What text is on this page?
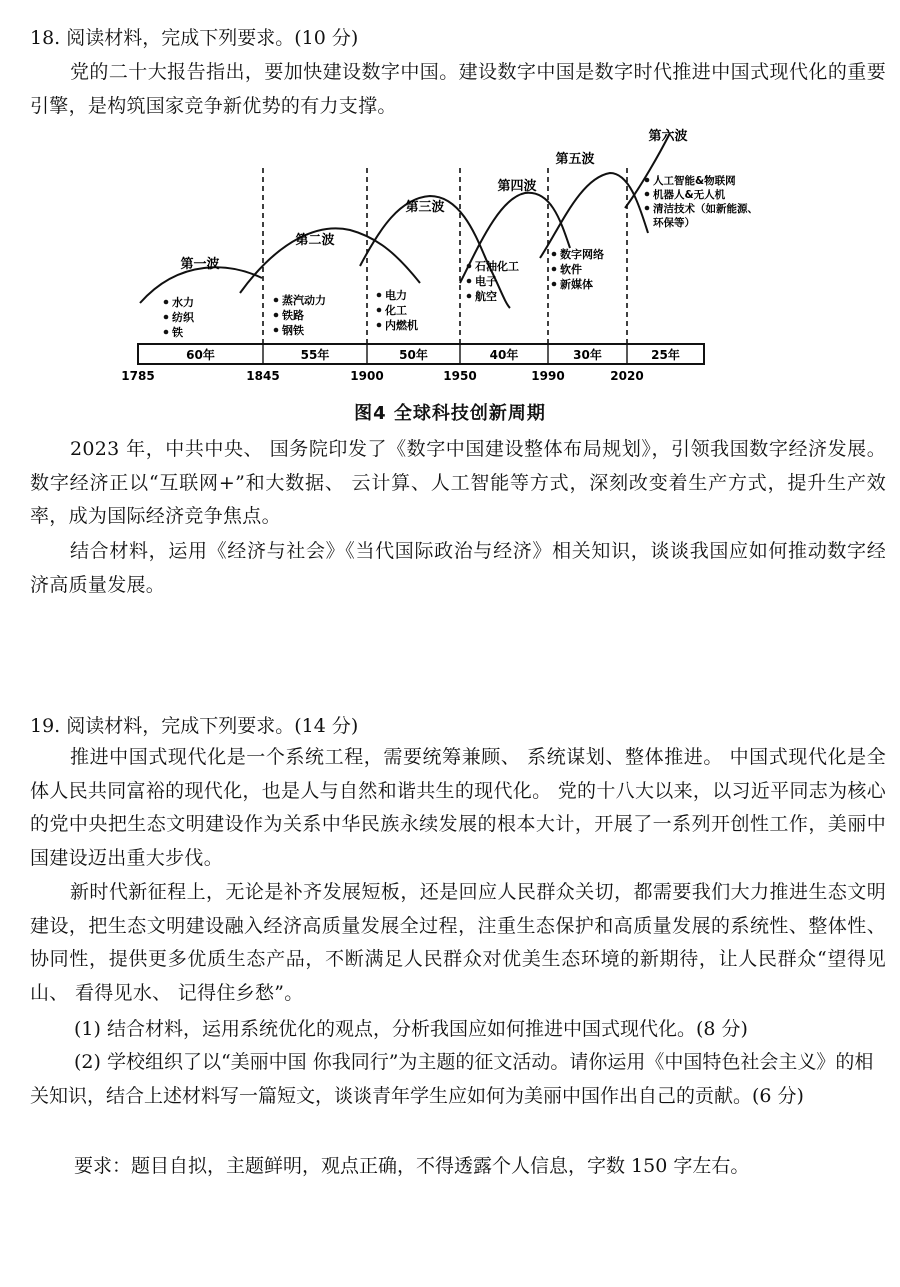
18. 阅读材料，完成下列要求。(10 分)
党的二十大报告指出，要加快建设数字中国。建设数字中国是数字时代推进中国式现代化的重要引擎，是构筑国家竞争新优势的有力支撑。
第一波
第二波
第三波
第四波
第五波
第六波
水力
纺织
铁
蒸汽动力
铁路
钢铁
电力
化工
内燃机
石油化工
电子
航空
数字网络
软件
新媒体
人工智能&物联网
机器人&无人机
清洁技术（如新能源、
环保等）
60年	55年	50年	40年	30年	25年
1785	1845	1900	1950	1990	2020
图4 全球科技创新周期
2023 年，中共中央、 国务院印发了《数字中国建设整体布局规划》，引领我国数字经济发展。 数字经济正以“互联网+”和大数据、 云计算、人工智能等方式，深刻改变着生产方式，提升生产效率，成为国际经济竞争焦点。
结合材料，运用《经济与社会》《当代国际政治与经济》相关知识，谈谈我国应如何推动数字经济高质量发展。
19. 阅读材料，完成下列要求。(14 分)
推进中国式现代化是一个系统工程，需要统筹兼顾、 系统谋划、整体推进。 中国式现代化是全体人民共同富裕的现代化，也是人与自然和谐共生的现代化。 党的十八大以来，以习近平同志为核心的党中央把生态文明建设作为关系中华民族永续发展的根本大计，开展了一系列开创性工作，美丽中国建设迈出重大步伐。
新时代新征程上，无论是补齐发展短板，还是回应人民群众关切，都需要我们大力推进生态文明建设，把生态文明建设融入经济高质量发展全过程，注重生态保护和高质量发展的系统性、整体性、 协同性，提供更多优质生态产品，不断满足人民群众对优美生态环境的新期待，让人民群众“望得见山、 看得见水、 记得住乡愁”。
(1) 结合材料，运用系统优化的观点，分析我国应如何推进中国式现代化。(8 分)
(2) 学校组织了以“美丽中国 你我同行”为主题的征文活动。请你运用《中国特色社会主义》的相关知识，结合上述材料写一篇短文，谈谈青年学生应如何为美丽中国作出自己的贡献。(6 分)
要求：题目自拟，主题鲜明，观点正确，不得透露个人信息，字数 150 字左右。
